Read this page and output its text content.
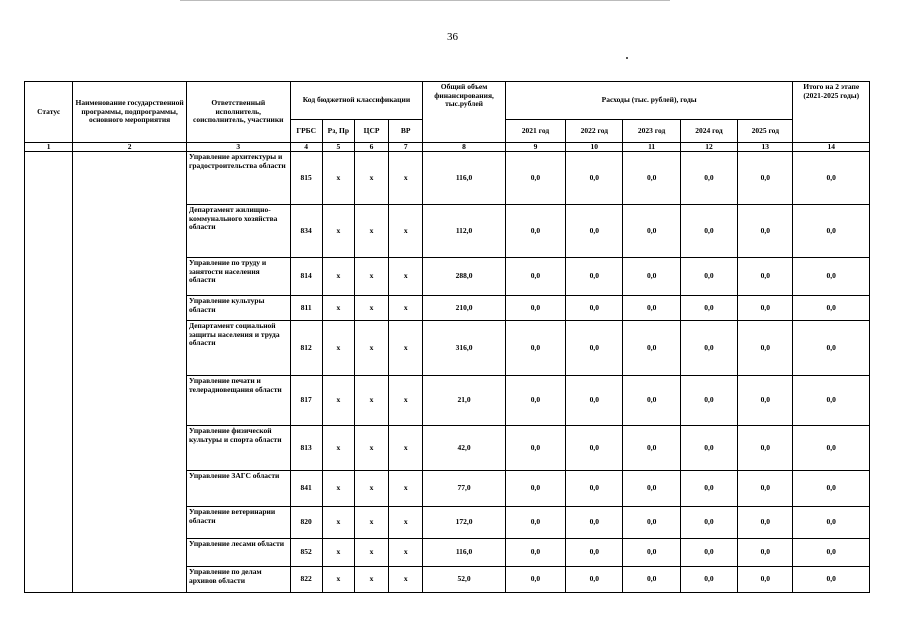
36
Статус	Наименование государственной программы, подпрограммы, основного мероприятия	Ответственный исполнитель, соисполнитель, участники	Код бюджетной классификации				Общий объем финансирования, тыс.рублей	Расходы (тыс. рублей), годы					Итого на 2 этапе (2021-2025 годы)
			ГРБС	Рз, Пр	ЦСР	ВР		2021 год	2022 год	2023 год	2024 год	2025 год	
1	2	3	4	5	6	7	8	9	10	11	12	13	14
		Управление архитектуры и градостроительства области	815	х	х	х	116,0	0,0	0,0	0,0	0,0	0,0	0,0
		Департамент жилищно-коммунального хозяйства области	834	х	х	х	112,0	0,0	0,0	0,0	0,0	0,0	0,0
		Управление по труду и занятости населения области	814	х	х	х	288,0	0,0	0,0	0,0	0,0	0,0	0,0
		Управление культуры области	811	х	х	х	210,0	0,0	0,0	0,0	0,0	0,0	0,0
		Департамент социальной защиты населения и труда области	812	х	х	х	316,0	0,0	0,0	0,0	0,0	0,0	0,0
		Управление печати и телерадиовещания области	817	х	х	х	21,0	0,0	0,0	0,0	0,0	0,0	0,0
		Управление физической культуры и спорта области	813	х	х	х	42,0	0,0	0,0	0,0	0,0	0,0	0,0
		Управление ЗАГС области	841	х	х	х	77,0	0,0	0,0	0,0	0,0	0,0	0,0
		Управление ветеринарии области	820	х	х	х	172,0	0,0	0,0	0,0	0,0	0,0	0,0
		Управление лесами области	852	х	х	х	116,0	0,0	0,0	0,0	0,0	0,0	0,0
		Управление по делам архивов области	822	х	х	х	52,0	0,0	0,0	0,0	0,0	0,0	0,0
